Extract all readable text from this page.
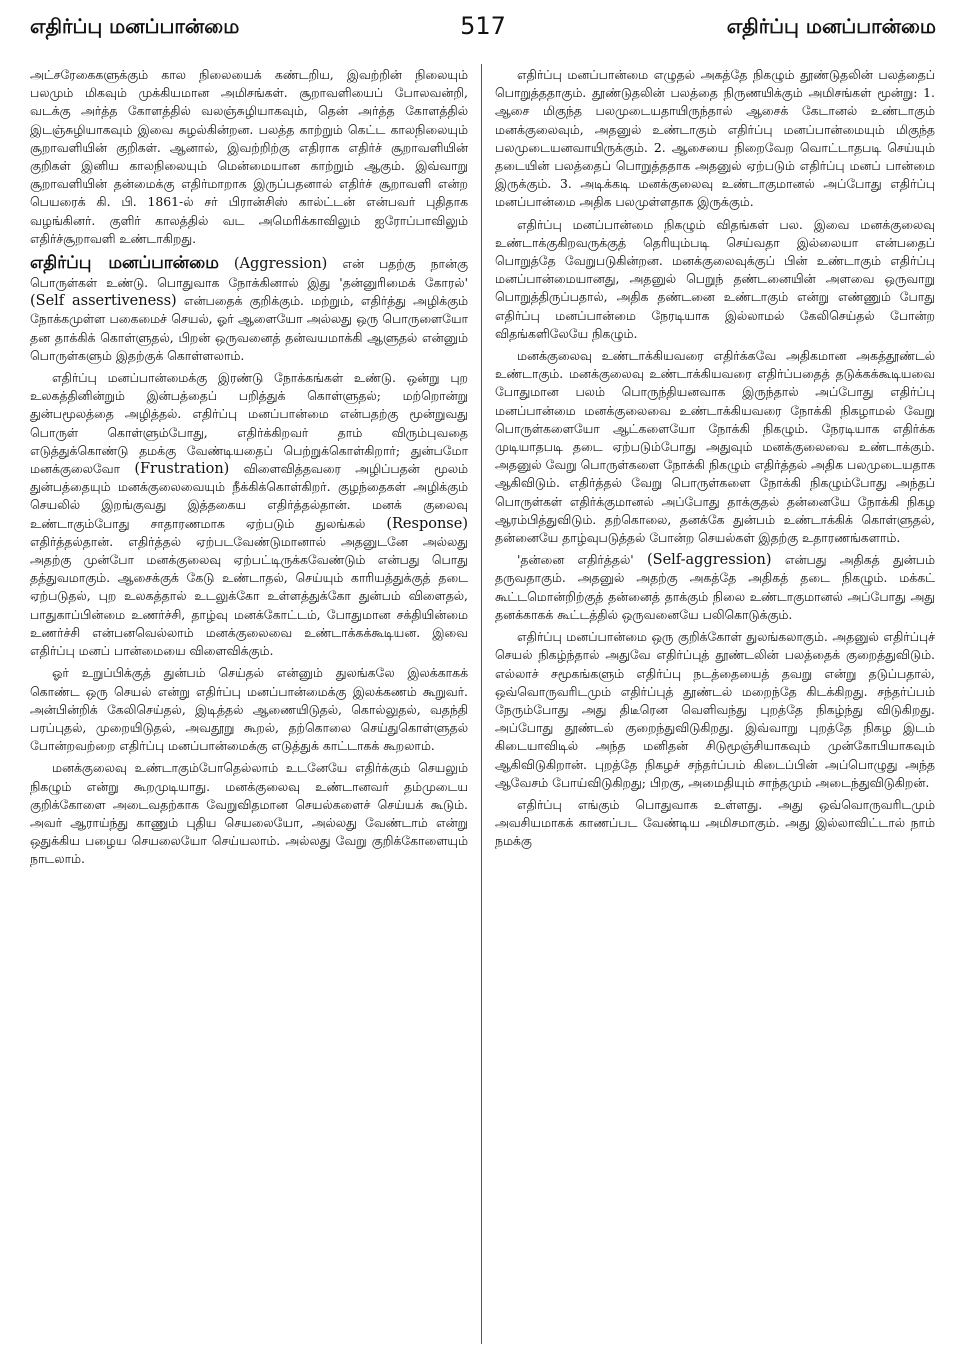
எதிர்ப்பு மனப்பான்மை	517	எதிர்ப்பு மனப்பான்மை

அட்சரேகைகளுக்கும் கால நிலையைக் கண்டறிய, இவற்றின் நிலையும் பலமும் மிகவும் முக்கியமான அமிசங்கள். சூறாவளியைப் போலவன்றி, வடக்கு அர்த்த கோளத்தில் வலஞ்சுழியாகவும், தென் அர்த்த கோளத்தில் இடஞ்சுழியாகவும் இவை சுழல்கின்றன. பலத்த காற்றும் கெட்ட காலநிலையும் சூறாவளியின் குறிகள். ஆனால், இவற்றிற்கு எதிராக எதிர்ச் சூறாவளியின் குறிகள் இனிய காலநிலையும் மென்மையான காற்றும் ஆகும். இவ்வாறு சூறாவளியின் தன்மைக்கு எதிர்மாறாக இருப்பதனால் எதிர்ச் சூறாவளி என்ற பெயரைக் கி. பி. 1861-ல் சர் பிரான்சிஸ் கால்ட்டன் என்பவர் புதிதாக வழங்கினர். குளிர் காலத்தில் வட அமெரிக்காவிலும் ஐரோப்பாவிலும் எதிர்ச்சூறாவளி உண்டாகிறது.

எதிர்ப்பு மனப்பான்மை (Aggression) என் பதற்கு நான்கு பொருள்கள் உண்டு. பொதுவாக நோக்கினால் இது 'தன்னுரிமைக் கோரல்' (Self assertiveness) என்பதைக் குறிக்கும். மற்றும், எதிர்த்து அழிக்கும் நோக்கமுள்ள பகைமைச் செயல், ஓர் ஆளையோ அல்லது ஒரு பொருளையோ தன தாக்கிக் கொள்ளுதல், பிறன் ஒருவனைத் தன்வயமாக்கி ஆளுதல் என்னும் பொருள்களும் இதற்குக் கொள்ளலாம்.

எதிர்ப்பு மனப்பான்மைக்கு இரண்டு நோக்கங்கள் உண்டு. ஒன்று புற உலகத்தினின்றும் இன்பத்தைப் பறித்துக் கொள்ளுதல்; மற்றொன்று துன்பமூலத்தை அழித்தல். எதிர்ப்பு மனப்பான்மை என்பதற்கு மூன்றுவது பொருள் கொள்ளும்போது, எதிர்க்கிறவர் தாம் விரும்புவதை எடுத்துக்கொண்டு தமக்கு வேண்டியதைப் பெற்றுக்கொள்கிறார்; துன்பமோ மனக்குலைவோ (Frustration) விளைவித்தவரை அழிப்பதன் மூலம் துன்பத்தையும் மனக்குலைவையும் நீக்கிக்கொள்கிறர். குழந்தைகள் அழிக்கும் செயலில் இறங்குவது இத்தகைய எதிர்த்தல்தான். மனக் குலைவு உண்டாகும்போது சாதாரணமாக ஏற்படும் துலங்கல் (Response) எதிர்த்தல்தான். எதிர்த்தல் ஏற்படவேண்டுமானால் அதனுடனே அல்லது அதற்கு முன்போ மனக்குலைவு ஏற்பட்டிருக்கவேண்டும் என்பது பொது தத்துவமாகும். ஆசைக்குக் கேடு உண்டாதல், செய்யும் காரியத்துக்குத் தடை ஏற்படுதல், புற உலகத்தால் உடலுக்கோ உள்ளத்துக்கோ துன்பம் விளைதல், பாதுகாப்பின்மை உணர்ச்சி, தாழ்வு மனக்கோட்டம், போதுமான சக்தியின்மை உணர்ச்சி என்பனவெல்லாம் மனக்குலைவை உண்டாக்கக்கூடியன. இவை எதிர்ப்பு மனப் பான்மையை விளைவிக்கும்.

ஓர் உறுப்பிக்குத் துன்பம் செய்தல் என்னும் துலங்கலே இலக்காகக் கொண்ட ஒரு செயல் என்று எதிர்ப்பு மனப்பான்மைக்கு இலக்கணம் கூறுவர். அன்பின்றிக் கேலிசெய்தல், இடித்தல் ஆணையிடுதல், கொல்லுதல், வதந்தி பரப்புதல், முறையிடுதல், அவதூறு கூறல், தற்கொலை செய்துகொள்ளுதல் போன்றவற்றை எதிர்ப்பு மனப்பான்மைக்கு எடுத்துக் காட்டாகக் கூறலாம்.

மனக்குலைவு உண்டாகும்போதெல்லாம் உடனேயே எதிர்க்கும் செயலும் நிகழும் என்று கூறமுடியாது. மனக்குலைவு உண்டானவர் தம்முடைய குறிக்கோளை அடைவதற்காக வேறுவிதமான செயல்களைச் செய்யக் கூடும். அவர் ஆராய்ந்து காணும் புதிய செயலையோ, அல்லது வேண்டாம் என்று ஒதுக்கிய பழைய செயலையோ செய்யலாம். அல்லது வேறு குறிக்கோளையும் நாடலாம்.

எதிர்ப்பு மனப்பான்மை எழுதல் அகத்தே நிகழும் தூண்டுதலின் பலத்தைப் பொறுத்ததாகும். தூண்டுதலின் பலத்தை நிருணயிக்கும் அமிசங்கள் மூன்று: 1. ஆசை மிகுந்த பலமுடையதாயிருந்தால் ஆசைக் கேடானல் உண்டாகும் மனக்குலைவும், அதனுல் உண்டாகும் எதிர்ப்பு மனப்பான்மையும் மிகுந்த பலமுடையனவாயிருக்கும். 2. ஆசையை நிறைவேற வொட்டாதபடி செய்யும் தடையின் பலத்தைப் பொறுத்ததாக அதனுல் ஏற்படும் எதிர்ப்பு மனப் பான்மை இருக்கும். 3. அடிக்கடி மனக்குலைவு உண்டாகுமானல் அப்போது எதிர்ப்பு மனப்பான்மை அதிக பலமுள்ளதாக இருக்கும்.

எதிர்ப்பு மனப்பான்மை நிகழும் விதங்கள் பல. இவை மனக்குலைவு உண்டாக்குகிறவருக்குத் தெரியும்படி செய்வதா இல்லையா என்பதைப் பொறுத்தே வேறுபடுகின்றன. மனக்குலைவுக்குப் பின் உண்டாகும் எதிர்ப்பு மனப்பான்மையானது, அதனுல் பெறுந் தண்டனையின் அளவை ஒருவாறு பொறுத்திருப்பதால், அதிக தண்டனை உண்டாகும் என்று எண்ணும் போது எதிர்ப்பு மனப்பான்மை நேரடியாக இல்லாமல் கேலிசெய்தல் போன்ற விதங்களிலேயே நிகழும்.

மனக்குலைவு உண்டாக்கியவரை எதிர்க்கவே அதிகமான அகத்தூண்டல் உண்டாகும். மனக்குலைவு உண்டாக்கியவரை எதிர்ப்பதைத் தடுக்கக்கூடியவை போதுமான பலம் பொருந்தியனவாக இருந்தால் அப்போது எதிர்ப்பு மனப்பான்மை மனக்குலைவை உண்டாக்கியவரை நோக்கி நிகழாமல் வேறு பொருள்களையோ ஆட்களையோ நோக்கி நிகழும். நேரடியாக எதிர்க்க முடியாதபடி தடை ஏற்படும்போது அதுவும் மனக்குலைவை உண்டாக்கும். அதனுல் வேறு பொருள்களை நோக்கி நிகழும் எதிர்த்தல் அதிக பலமுடையதாக ஆகிவிடும். எதிர்த்தல் வேறு பொருள்களை நோக்கி நிகழும்போது அந்தப் பொருள்கள் எதிர்க்குமானல் அப்போது தாக்குதல் தன்னையே நோக்கி நிகழ ஆரம்பித்துவிடும். தற்கொலை, தனக்கே துன்பம் உண்டாக்கிக் கொள்ளுதல், தன்னையே தாழ்வுபடுத்தல் போன்ற செயல்கள் இதற்கு உதாரணங்களாம்.

'தன்னை எதிர்த்தல்' (Self-aggression) என்பது அதிகத் துன்பம் தருவதாகும். அதனுல் அதற்கு அகத்தே அதிகத் தடை நிகழும். மக்கட் கூட்டமொன்றிற்குத் தன்னைத் தாக்கும் நிலை உண்டாகுமானல் அப்போது அது தனக்காகக் கூட்டத்தில் ஒருவனையே பலிகொடுக்கும்.

எதிர்ப்பு மனப்பான்மை ஒரு குறிக்கோள் துலங்கலாகும். அதனுல் எதிர்ப்புச் செயல் நிகழ்ந்தால் அதுவே எதிர்ப்புத் தூண்டலின் பலத்தைக் குறைத்துவிடும். எல்லாச் சமூகங்களும் எதிர்ப்பு நடத்தையைத் தவறு என்று தடுப்பதால், ஒவ்வொருவரிடமும் எதிர்ப்புத் தூண்டல் மறைந்தே கிடக்கிறது. சந்தர்ப்பம் நேரும்போது அது திடீரென வெளிவந்து புறத்தே நிகழ்ந்து விடுகிறது. அப்போது தூண்டல் குறைந்துவிடுகிறது. இவ்வாறு புறத்தே நிகழ இடம் கிடையாவிடில் அந்த மனிதன் சிடுமூஞ்சியாகவும் முன்கோபியாகவும் ஆகிவிடுகிறான். புறத்தே நிகழச் சந்தர்ப்பம் கிடைப்பின் அப்பொழுது அந்த ஆவேசம் போய்விடுகிறது; பிறகு, அமைதியும் சாந்தமும் அடைந்துவிடுகிறன்.

எதிர்ப்பு எங்கும் பொதுவாக உள்ளது. அது ஒவ்வொருவரிடமும் அவசியமாகக் காணப்பட வேண்டிய அமிசமாகும். அது இல்லாவிட்டால் நாம் நமக்கு
